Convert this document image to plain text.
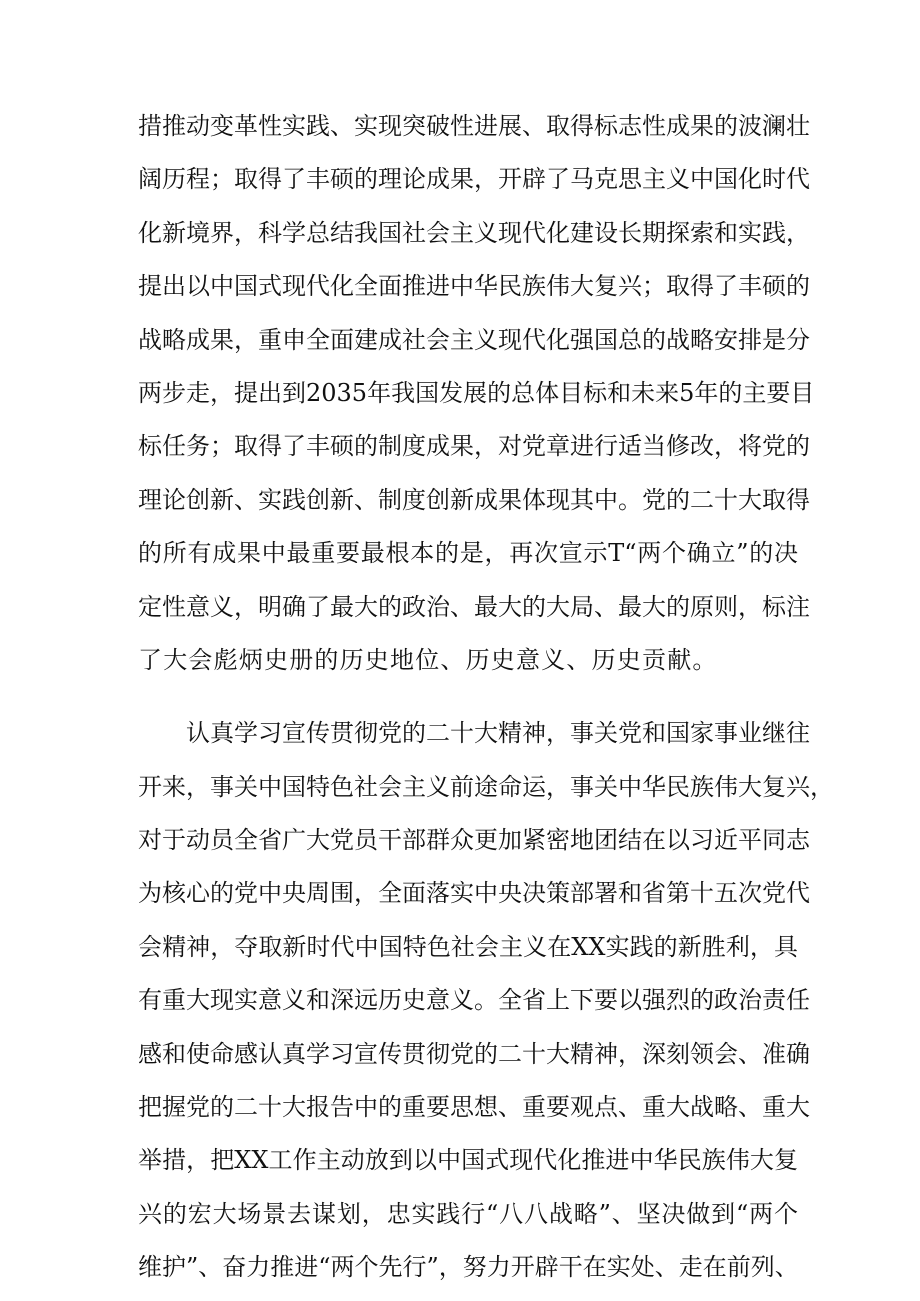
措推动变革性实践、实现突破性进展、取得标志性成果的波澜壮
阔历程；取得了丰硕的理论成果，开辟了马克思主义中国化时代
化新境界，科学总结我国社会主义现代化建设长期探索和实践，
提出以中国式现代化全面推进中华民族伟大复兴；取得了丰硕的
战略成果，重申全面建成社会主义现代化强国总的战略安排是分
两步走，提出到2035年我国发展的总体目标和未来5年的主要目
标任务；取得了丰硕的制度成果，对党章进行适当修改，将党的
理论创新、实践创新、制度创新成果体现其中。党的二十大取得
的所有成果中最重要最根本的是，再次宣示T“两个确立”的决
定性意义，明确了最大的政治、最大的大局、最大的原则，标注
了大会彪炳史册的历史地位、历史意义、历史贡献。
认真学习宣传贯彻党的二十大精神，事关党和国家事业继往
开来，事关中国特色社会主义前途命运，事关中华民族伟大复兴，
对于动员全省广大党员干部群众更加紧密地团结在以习近平同志
为核心的党中央周围，全面落实中央决策部署和省第十五次党代
会精神，夺取新时代中国特色社会主义在XX实践的新胜利，具
有重大现实意义和深远历史意义。全省上下要以强烈的政治责任
感和使命感认真学习宣传贯彻党的二十大精神，深刻领会、准确
把握党的二十大报告中的重要思想、重要观点、重大战略、重大
举措，把XX工作主动放到以中国式现代化推进中华民族伟大复
兴的宏大场景去谋划，忠实践行“八八战略”、坚决做到“两个
维护”、奋力推进“两个先行”，努力开辟干在实处、走在前列、
